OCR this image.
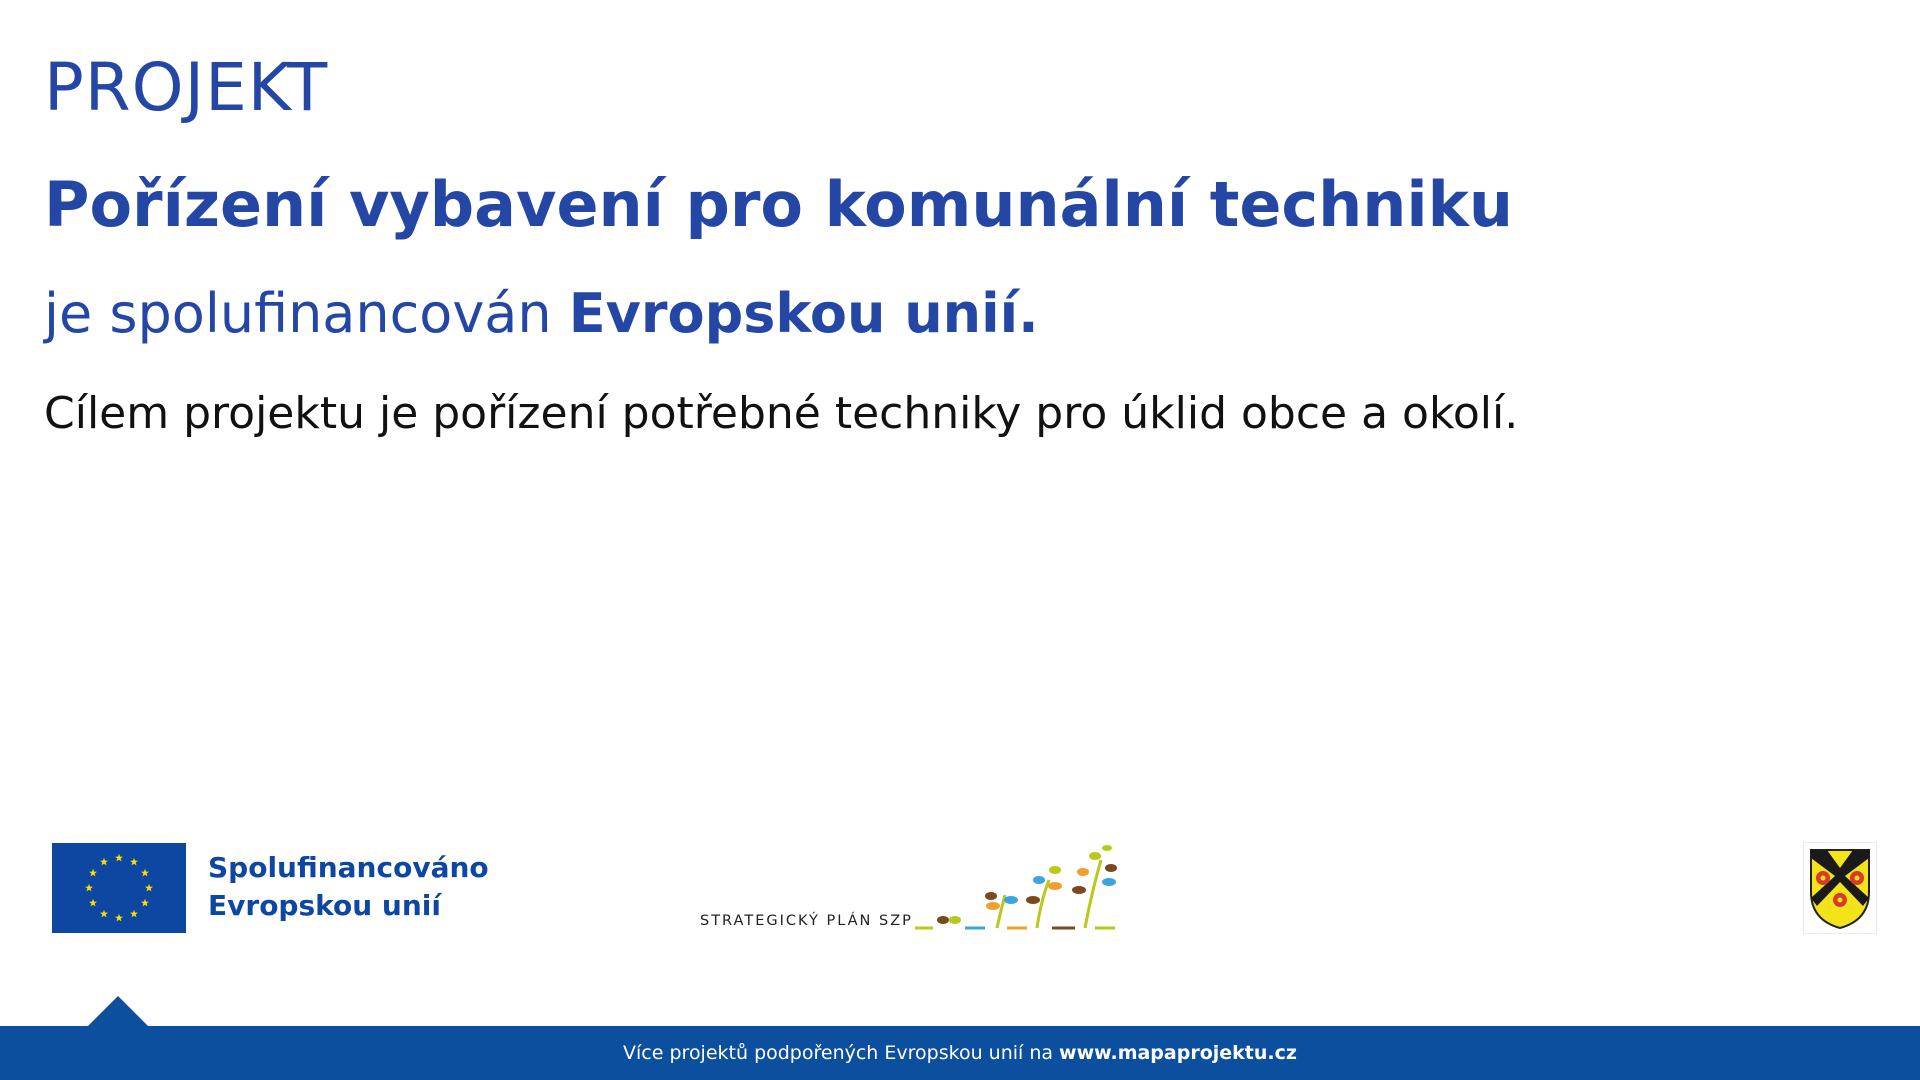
PROJEKT
Pořízení vybavení pro komunální techniku

je spolufinancován Evropskou unií.

Cílem projektu je pořízení potřebné techniky pro úklid obce a okolí.

Spolufinancováno
Evropskou unií	STRATEGICKÝ PLÁN SZP
Více projektů podpořených Evropskou unií na www.mapaprojektu.cz
